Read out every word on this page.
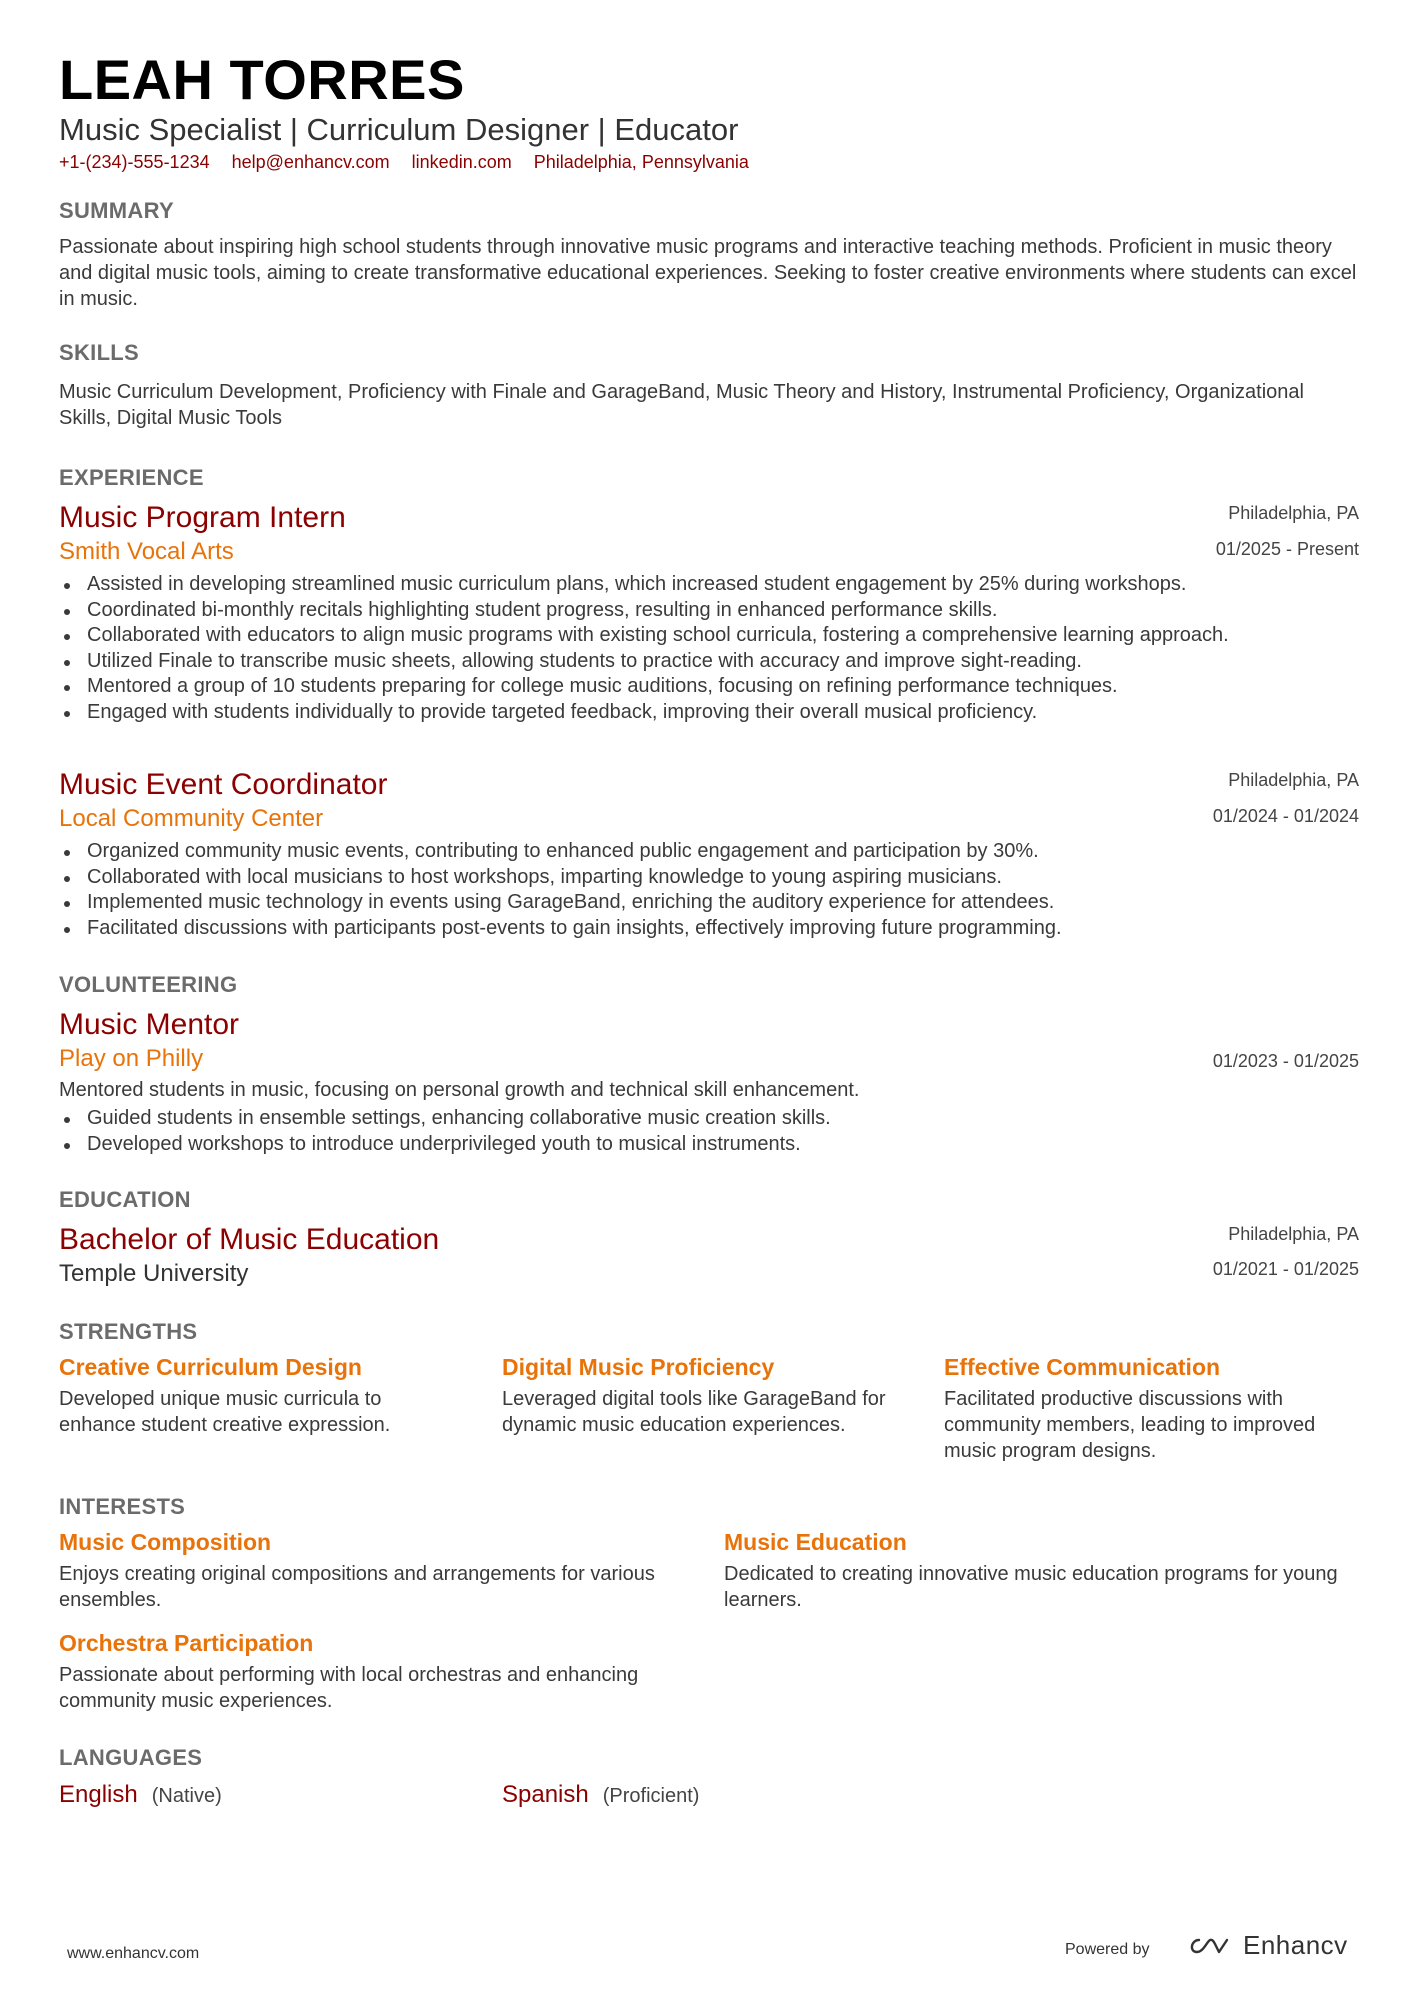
LEAH TORRES
Music Specialist | Curriculum Designer | Educator
+1-(234)-555-1234 help@enhancv.com linkedin.com Philadelphia, Pennsylvania
SUMMARY

Passionate about inspiring high school students through innovative music programs and interactive teaching methods. Proficient in music theory and digital music tools, aiming to create transformative educational experiences. Seeking to foster creative environments where students can excel in music.

SKILLS

Music Curriculum Development, Proficiency with Finale and GarageBand, Music Theory and History, Instrumental Proficiency, Organizational Skills, Digital Music Tools

EXPERIENCE
Music Program Intern	Philadelphia, PA
Smith Vocal Arts	01/2025 - Present
Assisted in developing streamlined music curriculum plans, which increased student engagement by 25% during workshops.
Coordinated bi-monthly recitals highlighting student progress, resulting in enhanced performance skills.
Collaborated with educators to align music programs with existing school curricula, fostering a comprehensive learning approach.
Utilized Finale to transcribe music sheets, allowing students to practice with accuracy and improve sight-reading.
Mentored a group of 10 students preparing for college music auditions, focusing on refining performance techniques.
Engaged with students individually to provide targeted feedback, improving their overall musical proficiency.
Music Event Coordinator	Philadelphia, PA
Local Community Center	01/2024 - 01/2024
Organized community music events, contributing to enhanced public engagement and participation by 30%.
Collaborated with local musicians to host workshops, imparting knowledge to young aspiring musicians.
Implemented music technology in events using GarageBand, enriching the auditory experience for attendees.
Facilitated discussions with participants post-events to gain insights, effectively improving future programming.
VOLUNTEERING
Music Mentor
Play on Philly	01/2023 - 01/2025

Mentored students in music, focusing on personal growth and technical skill enhancement.

Guided students in ensemble settings, enhancing collaborative music creation skills.
Developed workshops to introduce underprivileged youth to musical instruments.
EDUCATION
Bachelor of Music Education	Philadelphia, PA
Temple University	01/2021 - 01/2025
STRENGTHS
Creative Curriculum Design
Developed unique music curricula to enhance student creative expression.
Digital Music Proficiency
Leveraged digital tools like GarageBand for dynamic music education experiences.
Effective Communication
Facilitated productive discussions with community members, leading to improved music program designs.
INTERESTS
Music Composition
Enjoys creating original compositions and arrangements for various ensembles.
Music Education
Dedicated to creating innovative music education programs for young learners.
Orchestra Participation
Passionate about performing with local orchestras and enhancing community music experiences.
LANGUAGES
English (Native)	Spanish (Proficient)
www.enhancv.com	Powered by	Enhancv
